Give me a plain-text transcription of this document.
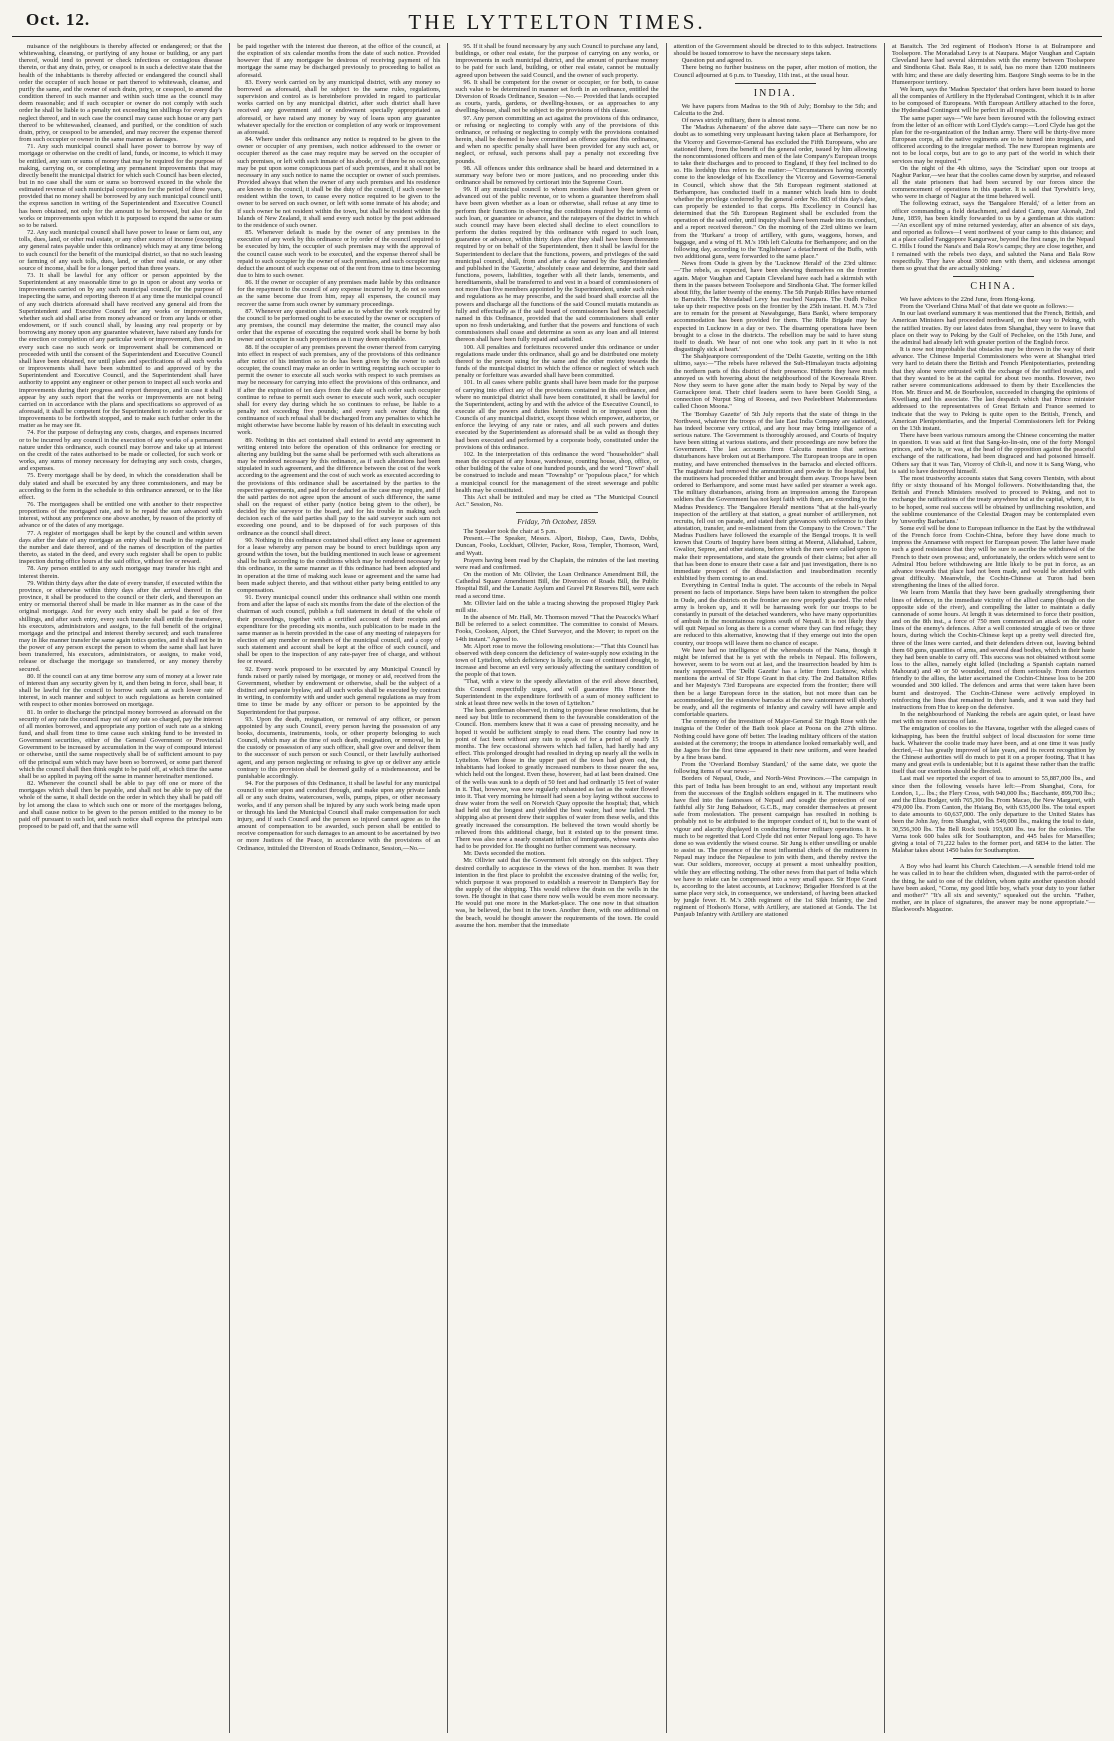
Oct. 12.	THE LYTTELTON TIMES.

nuisance of the neighbours is thereby affected or endangered; or that the whitewashing, cleansing, or purifying of any house or building, or any part thereof, would tend to prevent or check infectious or contagious disease therein, or that any drain, privy, or cesspool is in such a defective state that the health of the inhabitants is thereby affected or endangered the council shall order the occupier of such house or part thereof to whitewash, cleanse, and purify the same, and the owner of such drain, privy, or cesspool, to amend the condition thereof in such manner and within such time as the council may deem reasonable; and if such occupier or owner do not comply with such order he shall be liable to a penalty not exceeding ten shillings for every day's neglect thereof, and in such case the council may cause such house or any part thereof to be whitewashed, cleansed, and purified, or the condition of such drain, privy, or cesspool to be amended, and may recover the expense thereof from such occupier or owner in the same manner as damages.

71. Any such municipal council shall have power to borrow by way of mortgage or otherwise on the credit of land, funds, or income, to which it may be entitled, any sum or sums of money that may be required for the purpose of making, carrying on, or completing any permanent improvements that may directly benefit the municipal district for which such Council has been elected, but in no case shall the sum or sums so borrowed exceed in the whole the estimated revenue of such municipal corporation for the period of three years, provided that no money shall be borrowed by any such municipal council until the express sanction in writing of the Superintendent and Executive Council has been obtained, not only for the amount to be borrowed, but also for the works or improvements upon which it is purposed to expend the same or sum so to be raised.

72. Any such municipal council shall have power to lease or farm out, any tolls, dues, land, or other real estate, or any other source of income (excepting any general rates payable under this ordinance) which may at any time belong to such council for the benefit of the municipal district, so that no such leasing or farming of any such tolls, dues, land, or other real estate, or any other source of income, shall be for a longer period than three years.

73. It shall be lawful for any officer or person appointed by the Superintendent at any reasonable time to go in upon or about any works or improvements carried on by any such municipal council, for the purpose of inspecting the same, and reporting thereon if at any time the municipal council of any such districts aforesaid shall have received any general aid from the Superintendent and Executive Council for any works or improvements, whether such aid shall arise from money advanced or from any lands or other endowment, or if such council shall, by leasing any real property or by borrowing any money upon any guarantee whatever, have raised any funds for the erection or completion of any particular work or improvement, then and in every such case no such work or improvement shall be commenced or proceeded with until the consent of the Superintendent and Executive Council shall have been obtained, nor until plans and specifications of all such works or improvements shall have been submitted to and approved of by the Superintendent and Executive Council, and the Superintendent shall have authority to appoint any engineer or other person to inspect all such works and improvements during their progress and report thereupon, and in case it shall appear by any such report that the works or improvements are not being carried on in accordance with the plans and specifications so approved of as aforesaid, it shall be competent for the Superintendent to order such works or improvements to be forthwith stopped, and to make such further order in the matter as he may see fit.

74. For the purpose of defraying any costs, charges, and expenses incurred or to be incurred by any council in the execution of any works of a permanent nature under this ordinance, such council may borrow and take up at interest on the credit of the rates authorised to be made or collected, for such work or works, any sums of money necessary for defraying any such costs, charges, and expenses.

75. Every mortgage shall be by deed, in which the consideration shall be duly stated and shall be executed by any three commissioners, and may be according to the form in the schedule to this ordinance annexed, or to the like effect.

76. The mortgagees shall be entitled one with another to their respective proportions of the mortgaged rate, and to be repaid the sum advanced with interest, without any preference one above another, by reason of the priority of advance or of the dates of any mortgage.

77. A register of mortgages shall be kept by the council and within seven days after the date of any mortgage an entry shall be made in the register of the number and date thereof, and of the names of description of the parties thereto, as stated in the deed, and every such register shall be open to public inspection during office hours at the said office, without fee or reward.

78. Any person entitled to any such mortgage may transfer his right and interest therein.

79. Within thirty days after the date of every transfer, if executed within the province, or otherwise within thirty days after the arrival thereof in the province, it shall be produced to the council or their clerk, and thereupon an entry or memorial thereof shall be made in like manner as in the case of the original mortgage. And for every such entry shall be paid a fee of five shillings, and after such entry, every such transfer shall entitle the transferee, his executors, administrators and assigns, to the full benefit of the original mortgage and the principal and interest thereby secured; and such transferee may in like manner transfer the same again totics quoties, and it shall not be in the power of any person except the person to whom the same shall last have been transferred, his executors, administrators, or assigns, to make void, release or discharge the mortgage so transferred, or any money thereby secured.

80. If the council can at any time borrow any sum of money at a lower rate of interest than any security given by it, and then being in force, shall bear, it shall be lawful for the council to borrow such sum at such lower rate of interest, in such manner and subject to such regulations as herein contained with respect to other monies borrowed on mortgage.

81. In order to discharge the principal money borrowed as aforesaid on the security of any rate the council may out of any rate so charged, pay the interest of all monies borrowed, and appropriate any portion of such rate as a sinking fund, and shall from time to time cause such sinking fund to be invested in Government securities, either of the General Government or Provincial Government to be increased by accumulation in the way of compound interest or otherwise, until the same respectively shall be of sufficient amount to pay off the principal sum which may have been so borrowed, or some part thereof which the council shall then think ought to be paid off, at which time the same shall be so applied in paying off the same in manner hereinafter mentioned.

82. Whenever the council shall be able to pay off one or more of the mortgages which shall then be payable, and shall not be able to pay off the whole of the same, it shall decide on the order in which they shall be paid off by lot among the class to which such one or more of the mortgages belong, and shall cause notice to be given to the person entitled to the money to be paid off pursuant to such lot, and such notice shall express the principal sum proposed to be paid off, and that the same will

be paid together with the interest due thereon, at the office of the council, at the expiration of six calendar months from the date of such notice. Provided however that if any mortgagee be desirous of receiving payment of his mortgage the same may be discharged previously to proceeding to ballot as aforesaid.

83. Every work carried on by any municipal district, with any money so borrowed as aforesaid, shall be subject to the same rules, regulations, supervision and control as is hereinbefore provided in regard to particular works carried on by any municipal district, after such district shall have received any government aid or endowment specially appropriated as aforesaid, or have raised any money by way of loans upon any guarantee whatever specially for the erection or completion of any work or improvement as aforesaid.

84. Where under this ordinance any notice is required to be given to the owner or occupier of any premises, such notice addressed to the owner or occupier thereof as the case may require may be served on the occupier of such premises, or left with such inmate of his abode, or if there be no occupier, may be put upon some conspicuous part of such premises, and it shall not be necessary in any such notice to name the occupier or owner of such premises. Provided always that when the owner of any such premises and his residence are known to the council, it shall be the duty of the council, if such owner be resident within the town, to cause every notice required to be given to the owner to be served on such owner, or left with some inmate of his abode; and if such owner be not resident within the town, but shall be resident within the Islands of New Zealand, it shall send every such notice by the post addressed to the residence of such owner.

85. Whenever default is made by the owner of any premises in the execution of any work by this ordinance or by order of the council required to be executed by him, the occupier of such premises may with the approval of the council cause such work to be executed, and the expense thereof shall be repaid to such occupier by the owner of such premises, and such occupier may deduct the amount of such expense out of the rent from time to time becoming due to him to such owner.

86. If the owner or occupier of any premises made liable by this ordinance for the repayment to the council of any expense incurred by it, do not so soon as the same become due from him, repay all expenses, the council may recover the same from such owner by summary proceedings.

87. Whenever any question shall arise as to whether the work required by the council to be performed ought to be executed by the owner or occupiers of any premises, the council may determine the matter, the council may also order that the expense of executing the required work shall be borne by both owner and occupier in such proportions as it may deem equitable.

88. If the occupier of any premises prevent the owner thereof from carrying into effect in respect of such premises, any of the provisions of this ordinance after notice of his intention so to do has been given by the owner to such occupier, the council may make an order in writing requiring such occupier to permit the owner to execute all such works with respect to such premises as may be necessary for carrying into effect the provisions of this ordinance, and if after the expiration of ten days from the date of such order such occupier continue to refuse to permit such owner to execute such work, such occupier shall for every day during which he so continues to refuse, be liable to a penalty not exceeding five pounds; and every such owner during the continuance of such refusal shall be discharged from any penalties to which he might otherwise have become liable by reason of his default in executing such work.

89. Nothing in this act contained shall extend to avoid any agreement in writing entered into before the operation of this ordinance for erecting or altering any building but the same shall be performed with such alterations as may be rendered necessary by this ordinance, as if such alterations had been stipulated in such agreement, and the difference between the cost of the work according to the agreement and the cost of such work as executed according to the provisions of this ordinance shall be ascertained by the parties to the respective agreements, and paid for or deducted as the case may require, and if the said parties do not agree upon the amount of such difference, the same shall on the request of either party (notice being given to the other), be decided by the surveyor to the board, and for his trouble in making such decision each of the said parties shall pay to the said surveyor such sum not exceeding one pound, and to be disposed of for such purposes of this ordinance as the council shall direct.

90. Nothing in this ordinance contained shall effect any lease or agreement for a lease whereby any person may be bound to erect buildings upon any ground within the town, but the building mentioned in such lease or agreement shall be built according to the conditions which may be rendered necessary by this ordinance, in the same manner as if this ordinance had been adopted and in operation at the time of making such lease or agreement and the same had been made subject thereto, and that without either party being entitled to any compensation.

91. Every municipal council under this ordinance shall within one month from and after the lapse of each six months from the date of the election of the chairman of such council, publish a full statement in detail of the whole of their proceedings, together with a certified account of their receipts and expenditure for the preceding six months, such publication to be made in the same manner as is herein provided in the case of any meeting of ratepayers for election of any member or members of the municipal council, and a copy of such statement and account shall be kept at the office of such council, and shall be open to the inspection of any rate-payer free of charge, and without fee or reward.

92. Every work proposed to be executed by any Municipal Council by funds raised or partly raised by mortgage, or money or aid, received from the Government, whether by endowment or otherwise, shall be the subject of a distinct and separate byelaw, and all such works shall be executed by contract in writing, in conformity with and under such general regulations as may from time to time be made by any officer or person to be appointed by the Superintendent for that purpose.

93. Upon the death, resignation, or removal of any officer, or person appointed by any such Council, every person having the possession of any books, documents, instruments, tools, or other property belonging to such Council, which may at the time of such death, resignation, or removal, be in the custody or possession of any such officer, shall give over and deliver them to the successor of such person or such Council, or their lawfully authorised agent, and any person neglecting or refusing to give up or deliver any article contrary to this provision shall be deemed guilty of a misdemeanour, and be punishable accordingly.

94. For the purposes of this Ordinance, it shall be lawful for any municipal council to enter upon and conduct through, and make upon any private lands all or any such drains, watercourses, wells, pumps, pipes, or other necessary works, and if any person shall be injured by any such work being made upon or through his land the Municipal Council shall make compensation for such injury, and if such Council and the person so injured cannot agree as to the amount of compensation to be awarded, such person shall be entitled to receive compensation for such damages to an amount to be ascertained by two or more Justices of the Peace, in accordance with the provisions of an Ordinance, intituled the Diversion of Roads Ordinance, Session,—No.—

95. If it shall be found necessary by any such Council to purchase any land, buildings, or other real estate, for the purpose of carrying on any works, or improvements in such municipal district, and the amount of purchase money to be paid for such land, building, or other real estate, cannot be mutually agreed upon between the said Council, and the owner of such property.

96. It shall be competent for the owner or occupier, or for both, to cause such value to be determined in manner set forth in an ordinance, entitled the Diversion of Roads Ordinance, Session —No.— Provided that lands occupied as courts, yards, gardens, or dwelling-houses, or as approaches to any dwelling-house, shall not be subject to the provisions of this clause.

97. Any person committing an act against the provisions of this ordinance, or refusing or neglecting to comply with any of the provisions of this ordinance, or refusing or neglecting to comply with the provisions contained herein, shall be deemed to have committed an offence against this ordinance, and when no specific penalty shall have been provided for any such act, or neglect, or refusal, such persons shall pay a penalty not exceeding five pounds.

98. All offences under this ordinance shall be heard and determined in a summary way before two or more justices, and no proceeding under this ordinance shall be removed by certiorari into the Supreme Court.

99. If any municipal council to whom monies shall have been given or advanced out of the public revenue, or to whom a guarantee therefrom shall have been given whether as a loan or otherwise, shall refuse at any time to perform their functions in observing the conditions required by the terms of such loan, or guarantee or advance, and the ratepayers of the district in which such council may have been elected shall decline to elect councillors to perform the duties required by this ordinance with regard to such loan, guarantee or advance, within thirty days after they shall have been thereunto required by or on behalf of the Superintendent, then it shall be lawful for the Superintendent to declare that the functions, powers, and privileges of the said municipal council, shall, from and after a day named by the Superintendent and published in the 'Gazette,' absolutely cease and determine, and their said functions, powers, liabilities, together with all their lands, tenements, and hereditaments, shall be transferred to and vest in a board of commissioners of not more than five members appointed by the Superintendent, under such rules and regulations as he may prescribe, and the said board shall exercise all the powers and discharge all the functions of the said Council mutatis mutandis as fully and effectually as if the said board of commissioners had been specially named in this Ordinance, provided that the said commissioners shall enter upon no fresh undertaking, and further that the powers and functions of such commissioners shall cease and determine as soon as any loan and all interest thereon shall have been fully repaid and satisfied.

100. All penalties and forfeitures recovered under this ordinance or under regulations made under this ordinance, shall go and be distributed one moiety thereof to the person suing for the same and the other moiety towards the funds of the municipal district in which the offence or neglect of which such penalty or forfeiture was awarded shall have been committed.

101. In all cases where public grants shall have been made for the purpose of carrying into effect any of the provisions contained in this ordinance, and where no municipal district shall have been constituted, it shall be lawful for the Superintendent, acting by and with the advice of the Executive Council, to execute all the powers and duties herein vested in or imposed upon the Councils of any municipal district, except those which empower, authorize, or enforce the levying of any rate or rates, and all such powers and duties executed by the Superintendent as aforesaid shall be as valid as though they had been executed and performed by a corporate body, constituted under the provisions of this ordinance.

102. In the interpretation of this ordinance the word "householder" shall mean the occupant of any house, warehouse, counting house, shop, office, or other building of the value of one hundred pounds, and the word "Town" shall be construed to include and mean "Township" or "populous place," for which a municipal council for the management of the street sewerage and public health may be constituted.

This Act shall be intituled and may be cited as "The Municipal Council Act." Session, No.

Friday, 7th October, 1859.

The Speaker took the chair at 5 p.m.

Present.—The Speaker, Messrs. Alport, Bishop, Cass, Davis, Dobbs, Duncan, Fooks, Lockhart, Ollivier, Packer, Ross, Templer, Thomson, Ward, and Wyatt.

Prayers having been read by the Chaplain, the minutes of the last meeting were read and confirmed.

On the motion of Mr. Ollivier, the Loan Ordinance Amendment Bill, the Cathedral Square Amendment Bill, the Diversion of Roads Bill, the Public Hospital Bill, and the Lunatic Asylum and Gravel Pit Reserves Bill, were each read a second time.

Mr. Ollivier laid on the table a tracing showing the proposed Higley Park mill site.

In the absence of Mr. Hall, Mr. Thomson moved "That the Peacock's Wharf Bill be referred to a select committee. The committee to consist of Messrs. Fooks, Cookson, Alport, the Chief Surveyor, and the Mover; to report on the 14th instant." Agreed to.

Mr. Alport rose to move the following resolutions:—"That this Council has observed with deep concern the deficiency of water-supply now existing in the town of Lyttelton, which deficiency is likely, in case of continued drought, to increase and become an evil very seriously affecting the sanitary condition of the people of that town.

"That, with a view to the speedy alleviation of the evil above described, this Council respectfully urges, and will guarantee His Honor the Superintendent in the expenditure forthwith of a sum of money sufficient to sink at least three new wells in the town of Lyttelton."

The hon. gentleman observed, in rising to propose these resolutions, that he need say but little to recommend them to the favourable consideration of the Council. Hon. members knew that it was a case of pressing necessity, and he hoped it would be sufficient simply to read them. The country had now in point of fact been without any rain to speak of for a period of nearly 15 months. The few occasional showers which had fallen, had hardly had any effect. This prolonged drought had resulted in drying up nearly all the wells in Lyttelton. When those in the upper part of the town had given out, the inhabitants had looked to greatly increased numbers to those nearer the sea, which held out the longest. Even these, however, had at last been drained. One of the wells was sunk to a depth of 50 feet and had ordinarily 15 feet of water in it. That, however, was now regularly exhausted as fast as the water flowed into it. That very morning he himself had seen a boy laying without success to draw water from the well on Norwich Quay opposite the hospital; that, which had held out the longest and yielded the best water, had now failed. The shipping also at present drew their supplies of water from these wells, and this greatly increased the consumption. He believed the town would shortly be relieved from this additional charge, but it existed up to the present time. There was also now a nearly constant influx of immigrants, whose wants also had to be provided for. He thought no further comment was necessary.

Mr. Davis seconded the motion.

Mr. Ollivier said that the Government felt strongly on this subject. They desired cordially to acquiesce in the views of the hon. member. It was their intention in the first place to prohibit the excessive draining of the wells; for, which purpose it was proposed to establish a reservoir in Dampier's Bay for the supply of the shipping. This would relieve the drain on the wells in the town. He thought in that case there now wells would be even more necessary. He would put one more in the Market-place. The one now in that situation was, he believed, the best in the town. Another there, with one additional on the beach, would he thought answer the requirements of the town. He could assume the hon. member that the immediate

attention of the Government should be directed to to this subject. Instructions should be issued tomorrow to have the necessary steps taken.

Question put and agreed to.

There being no further business on the paper, after motion of motion, the Council adjourned at 6 p.m. to Tuesday, 11th inst., at the usual hour.

INDIA.

We have papers from Madras to the 9th of July; Bombay to the 5th; and Calcutta to the 2nd.

Of news strictly military, there is almost none.

The 'Madras Athenaeum' of the above date says—'There can now be no doubt as to something very unpleasant having taken place at Berhampore, for the Viceroy and Governor-General has excluded the Fifth Europeans, who are stationed there, from the benefit of the general order, issued by him allowing the noncommissioned officers and men of the late Company's European troops to take their discharges and to proceed to England, if they feel inclined to do so. His lordship thus refers to the matter:—"Circumstances having recently come to the knowledge of his Excellency the Viceroy and Governor-General in Council, which show that the 5th European regiment stationed at Berhampore, has conducted itself in a manner which leads him to doubt whether the privilege conferred by the general order No. 883 of this day's date, can properly be extended to that corps. His Excellency in Council has determined that the 5th European Regiment shall be excluded from the operation of the said order, until inquiry shall have been made into its conduct, and a report received thereon." On the morning of the 23rd ultimo we learn from the 'Hurkaru' a troop of artillery, with guns, waggons, horses, and baggage, and a wing of H. M.'s 19th left Calcutta for Berhampore; and on the following day, according to the 'Englishman' a detachment of the Buffs, with two additional guns, were forwarded to the same place."

News from Oude is given by the 'Lucknow Herald' of the 23rd ultimo:—'The rebels, as expected, have been shewing themselves on the frontier again. Major Vaughan and Captain Cleveland have each had a skirmish with them in the passes between Toolsepore and Sindhonia Ghat. The former killed about fifty, the latter twenty of the enemy. The 5th Punjab Rifles have returned to Barraitch. The Moradabad Levy has reached Naupara. The Oudh Police take up their respective posts on the frontier by the 25th instant. H. M.'s 73rd are to remain for the present at Nawabgunge, Bara Banki, where temporary accommodation has been provided for them. The Rifle Brigade may be expected in Lucknow in a day or two. The disarming operations have been brought to a close in the districts. The rebellion may be said to have stung itself to death. We hear of not one who took any part in it who is not disgustingly sick at heart.'

The Shahjeanpore correspondent of the 'Delhi Gazette, writing on the 18th ultimo, says:—"The rebels have relieved the Sub-Himalayan tracts adjoining the northern parts of this district of their presence. Hitherto they have much annoyed us with hovering about the neighbourhood of the Kowreeala River. Now they seem to have gone after the main body to Nepal by way of the Gurrackpore terai. Their chief leaders seem to have been Gooldi Sing, a connection of Nurput Sing of Rooeea, and two Peeleebheet Mahommedans called Choon Moona."

The 'Bombay Gazette' of 5th July reports that the state of things in the Northwest, whatever the troops of the late East India Company are stationed, has indeed become very critical, and any hour may bring intelligence of a serious nature. The Government is thoroughly aroused, and Courts of Inquiry have been sitting at various stations, and their proceedings are now before the Government. The last accounts from Calcutta mention that serious disturbances have broken out at Berhampore. The European troops are in open mutiny, and have entrenched themselves in the barracks and elected officers. The magistrate had removed the ammunition and powder to the hospital, but the mutineers had proceeded thither and brought them away. Troops have been ordered to Berhampore, and some must have sailed per steamer a week ago. The military disturbances, arising from an impression among the European soldiers that the Government has not kept faith with them, are extending to the Madras Presidency. The 'Bangalore Herald' mentions "that at the half-yearly inspection of the artillery at that station, a great number of artillerymen, not recruits, fell out on parade, and stated their grievances with reference to their attestation, transfer, and re-enlistment from the Company to the Crown." The Madras Fusiliers have followed the example of the Bengal troops. It is well known that Courts of Inquiry have been sitting at Meerut, Allahabad, Lahore, Gwalior, Sepree, and other stations, before which the men were called upon to make their representations, and state the grounds of their claims; but after all that has been done to ensure their case a fair and just investigation, there is no immediate prospect of the dissatisfaction and insubordination recently exhibited by them coming to an end.

Everything in Central India is quiet. The accounts of the rebels in Nepal present no facts of importance. Steps have been taken to strengthen the police in Oude, and the districts on the frontier are now properly guarded. The rebel army is broken up, and it will be harrassing work for our troops to be constantly in pursuit of the detached wanderers, who have many opportunities of ambush in the mountainous regions south of Nepaul. It is not likely they will quit Nepaul so long as there is a corner where they can find refuge; they are reduced to this alternative, knowing that if they emerge out into the open country, our troops will leave them no chance of escape.

We have had no intelligence of the whereabouts of the Nana, though it might be inferred that he is yet with the rebels in Nepaul. His followers, however, seem to be worn out at last, and the insurrection headed by him is nearly suppressed. The 'Delhi Gazette' has a letter from Lucknow, which mentions the arrival of Sir Hope Grant in that city. The 2nd Battalion Rifles and her Majesty's 73rd Europeans are expected from the frontier; there will then be a large European force in the station, but not more than can be accommodated, for the extensive barracks at the new cantonment will shortly be ready, and all the regiments of infantry and cavalry will have ample and comfortable quarters.

The ceremony of the investiture of Major-General Sir Hugh Rose with the insignia of the Order of the Bath took place at Poona on the 27th ultimo. Nothing could have gone off better. The leading military officers of the station assisted at the ceremony; the troops in attendance looked remarkably well, and the Jagers for the first time appeared in their new uniform, and were headed by a fine brass band.

From the 'Overland Bombay Standard,' of the same date, we quote the following items of war news:—

Borders of Nepaul, Oude, and North-West Provinces.—The campaign in this part of India has been brought to an end, without any important result from the successes of the English soldiers engaged in it. The mutineers who have fled into the fastnesses of Nepaul and sought the protection of our faithful ally Sir Jung Bahadoor, G.C.B., may consider themselves at present safe from molestation. The present campaign has resulted in nothing is probably not to be attributed to the improper conduct of it, but to the want of vigour and alacrity displayed in conducting former military operations. It is much to be regretted that Lord Clyde did not enter Nepaul long ago. To have done so was evidently the wisest course. Sir Jung is either unwilling or unable to assist us. The presence of the most influential chiefs of the mutineers in Nepaul may induce the Nepaulese to join with them, and thereby revive the war. Our soldiers, moreover, occupy at present a most unhealthy position, while they are effecting nothing. The other news from that part of India which we have to relate can be compressed into a very small space. Sir Hope Grant is, according to the latest accounts, at Lucknow; Brigadier Horsford is at the same place very sick, in consequence, we understand, of having been attacked by jungle fever. H. M.'s 20th regiment of the 1st Sikh Infantry, the 2nd regiment of Hodson's Horse, with Artillery, are stationed at Gonda. The 1st Punjaub Infantry with Artillery are stationed

at Baraitch. The 3rd regiment of Hodson's Horse is at Bulrampore and Toolsepore. The Moradabad Levy is at Naupara. Major Vaughan and Captain Cleveland have had several skirmishes with the enemy between Toolsepore and Sindhonia Ghat. Bala Rao, it is said, has no more than 1200 mutineers with him; and these are daily deserting him. Baujore Singh seems to be in the Humeerpoor territory.

We learn, says the 'Madras Spectator' that orders have been issued to horse all the companies of Artillery in the Hyderabad Contingent, which it is in after to be composed of Europeans. With European Artillery attached to the force, the Hyderabad Contingent will be perfect in all respects.

The same paper says—"We have been favoured with the following extract from the letter of an officer with Lord Clyde's camp:—'Lord Clyde has got the plan for the re-organization of the Indian army. There will be thirty-five more European corps, all the native regiments are to be turned into irregulars, and officered according to the irregular method. The new European regiments are not to be local corps, but are to go to any part of the world in which their services may be required.'"

On the night of the 4th ultimo, says the 'Scindian' upon our troops at Naghur Parkur,—we hear that the coolies came down by surprise, and released all the state prisoners that had been secured by our forces since the commencement of operations in this quarter. It is said that Tyrwhitt's levy, who were in charge of Nagiur at the time behaved well.

The following extract, says the 'Bangalore Herald,' of a letter from an officer commanding a field detachment, and dated Camp, near Akonah, 2nd June, 1859, has been kindly forwarded to us by a gentleman at this station:—'An excellent spy of mine returned yesterday, after an absence of six days, and reported as follows—I went northwest of your camp to this distance; and at a place called Fanggopore Kangurwar, beyond the first range, in the Nepaul C. Hills I found the Nana's and Bala Row's camps; they are close together, and I remained with the rebels two days, and saluted the Nana and Bala Row respectfully. They have about 3000 men with them, and sickness amongst them so great that the are actually sinking.'

CHINA.

We have advices to the 22nd June, from Hong-kong.

From the 'Overland China Mail' of that date we quote as follows:—

In our last overland summary it was mentioned that the French, British, and American Ministers had proceeded northward, on their way to Peking, with the ratified treaties. By our latest dates from Shanghai, they were to leave that place on their way to Peking by the Gulf of Pechelee, on the 15th June, and the admiral had already left with greater portion of the English force.

It is now not improbable that obstacles may be thrown in the way of their advance. The Chinese Imperial Commissioners who were at Shanghai tried very hard to detain there the British and French Plenipotentiaries, pretending that they alone were entrusted with the exchange of the ratified treaties, and that they wanted to be at the capital for about two months. However, two rather severe communications addressed to them by their Excellencies the Hon. Mr. Bruce and M. de Bourboulon, succeeded in changing the opinions of Kweiliang and his associate. The last despatch which that Prince minister addressed to the representatives of Great Britain and France seemed to indicate that the way to Peking is quite open to the British, French, and American Plenipotentiaries, and the Imperial Commissioners left for Peking on the 13th instant.

There have been various rumours among the Chinese concerning the matter in question. It was said at first that Sang-ko-lin-sin, one of the forty Mongol princes, and who is, or was, at the head of the opposition against the peaceful exchange of the ratifications, had been disgraced and had poisoned himself. Others say that it was Tan, Viceroy of Chih-li, and now it is Sang Wang, who is said to have destroyed himself.

The most trustworthy accounts states that Sang covers Tientsin, with about fifty or sixty thousand of his Mongol followers. Notwithstanding that, the British and French Ministers resolved to proceed to Peking, and not to exchange the ratifications of the treaty anywhere but at the capital, where, it is to be hoped, some real success will be obtained by unflinching resolution, and the sublime countenance of the Celestial Dragon may be contemplated even by 'unworthy Barbarians.'

Some evil will be done to European influence in the East by the withdrawal of the French force from Cochin-China, before they have done much to impress the Annamese with respect for European power. The latter have made such a good resistance that they will be sure to ascribe the withdrawal of the French to their own prowess; and, unfortunately, the orders which were sent to Admiral Hou before withdrawing are little likely to be put in force, as an advance towards that place had not been made, and would be attended with great difficulty. Meanwhile, the Cochin-Chinese at Turon had been strengthening the lines of the allied force.

We learn from Manila that they have been gradually strengthening their lines of defence, in the immediate vicinity of the allied camp (though on the opposite side of the river), and compelling the latter to maintain a daily cannonade of some hours. At length it was determined to force their position, and on the 8th inst., a force of 750 men commenced an attack on the outer lines of the enemy's defences. After a well contested struggle of two or three hours, during which the Cochin-Chinese kept up a pretty well directed fire, three of the lines were carried, and their defenders driven out, leaving behind them 60 guns, quantities of arms, and several dead bodies, which in their haste they had been unable to carry off. This success was not obtained without some loss to the allies, namely eight killed (including a Spanish captain named Mahourat) and 40 or 50 wounded, most of them seriously. From deserters friendly to the allies, the latter ascertained the Cochin-Chinese loss to be 200 wounded and 300 killed. The defences and arms that were taken have been burnt and destroyed. The Cochin-Chinese were actively employed in reinforcing the lines that remained in their hands, and it was said they had instructions from Hue to keep on the defensive.

In the neighbourhood of Nanking the rebels are again quiet, or least have met with no more success of late.

The emigration of coolies to the Havana, together with the alleged cases of kidnapping, has been the fruitful subject of local discussion for some time back. Whatever the coolie trade may have been, and at one time it was justly decried,—it has greatly improved of late years, and its recent recognition by the Chinese authorities will do much to put it on a proper footing. That it has many and great evils is undeniable; but it is against these rather than the traffic itself that our exertions should be directed.

Last mail we reported the export of tea to amount to 55,887,000 lbs., and since then the following vessels have left:—From Shanghai, Cora, for London, 1,... lbs.; the Flery Cross, with 940,000 lbs.; Bacchante, 899,700 lbs.; and the Eliza Bodger, with 765,300 lbs. From Macao, the New Margaret, with 479,000 lbs. From Canton, the Hsiang Bo, with 635,000 lbs. The total export to date amounts to 60,637,000. The only departure to the United States has been the John Jay, from Shanghai, with 549,000 lbs., making the total to date, 30,556,300 lbs. The Bell Rock took 193,600 lbs. tea for the colonies. The Varna took 600 bales silk for Southampton, and 445 bales for Marseilles; giving a total of 71,222 bales to the former port, and 6834 to the latter. The Malabar takes about 1450 bales for Southampton.

A Boy who had learnt his Church Catechism.—A sensible friend told me he was called in to hear the children when, disgusted with the parrot-order of the thing, he said to one of the children, whom quite another question should have been asked, "Come, my good little boy, what's your duty to your father and mother?" "It's all six and seventy," squeaked out the urchin. "Father, mother, are in place of signatures, the answer may be none appropriate."—Blackwood's Magazine.
